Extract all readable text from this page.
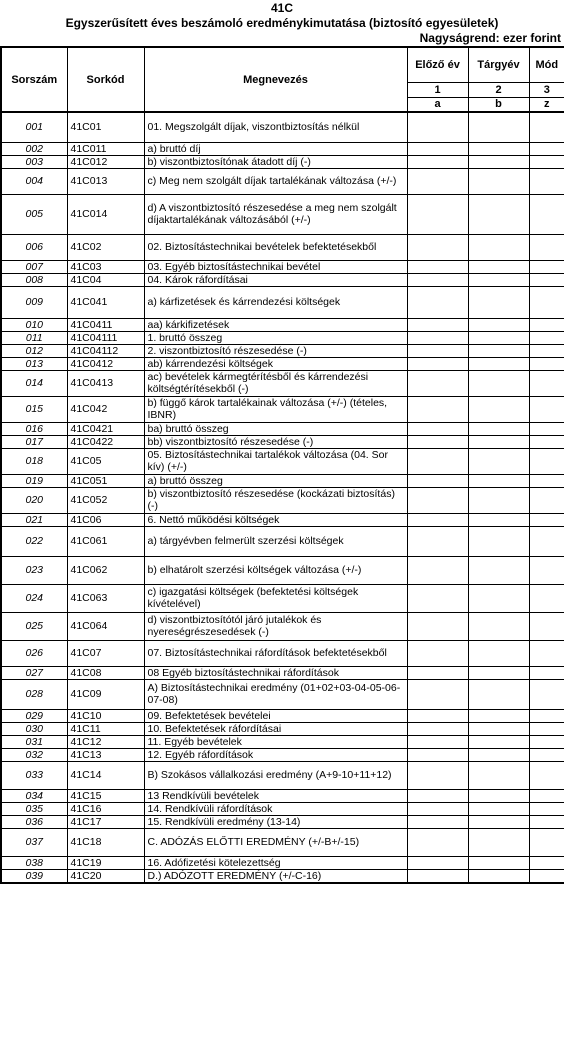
41C
Egyszerűsített éves beszámoló eredménykimutatása (biztosító egyesületek)
Nagyságrend: ezer forint
Sorszám	Sorkód	Megnevezés	Előző év	Tárgyév	Mód
			1	2	3
			a	b	z
001	41C01	01. Megszolgált díjak, viszontbiztosítás nélkül			
002	41C011	a) bruttó díj			
003	41C012	b) viszontbiztosítónak átadott díj (-)			
004	41C013	c) Meg nem szolgált díjak tartalékának változása (+/-)			
005	41C014	d) A viszontbiztosító részesedése a meg nem szolgált díjaktartalékának változásából (+/-)			
006	41C02	02. Biztosítástechnikai bevételek befektetésekből			
007	41C03	03. Egyéb biztosítástechnikai bevétel			
008	41C04	04. Károk ráfordításai			
009	41C041	a) kárfizetések és kárrendezési költségek			
010	41C0411	aa) kárkifizetések			
011	41C04111	1. bruttó összeg			
012	41C04112	2. viszontbiztosító részesedése (-)			
013	41C0412	ab) kárrendezési költségek			
014	41C0413	ac) bevételek kármegtérítésből és kárrendezési költségtérítésekből (-)			
015	41C042	b) függő károk tartalékainak változása (+/-) (tételes, IBNR)			
016	41C0421	ba) bruttó összeg			
017	41C0422	bb) viszontbiztosító részesedése (-)			
018	41C05	05. Biztosítástechnikai tartalékok változása (04. Sor kív) (+/-)			
019	41C051	a) bruttó összeg			
020	41C052	b) viszontbiztosító részesedése (kockázati biztosítás) (-)			
021	41C06	6. Nettó működési költségek			
022	41C061	a) tárgyévben felmerült szerzési költségek			
023	41C062	b) elhatárolt szerzési költségek változása (+/-)			
024	41C063	c) igazgatási költségek (befektetési költségek kívételével)			
025	41C064	d) viszontbiztosítótól járó jutalékok és nyereségrészesedések (-)			
026	41C07	07. Biztosítástechnikai ráfordítások befektetésekből			
027	41C08	08 Egyéb biztosítástechnikai ráfordítások			
028	41C09	A) Biztosítástechnikai eredmény (01+02+03-04-05-06-07-08)			
029	41C10	09. Befektetések bevételei			
030	41C11	10. Befektetések ráfordításai			
031	41C12	11. Egyéb bevételek			
032	41C13	12. Egyéb ráfordítások			
033	41C14	B) Szokásos vállalkozási eredmény (A+9-10+11+12)			
034	41C15	13 Rendkívüli bevételek			
035	41C16	14. Rendkívüli ráfordítások			
036	41C17	15. Rendkívüli eredmény (13-14)			
037	41C18	C. ADÓZÁS ELŐTTI EREDMÉNY (+/-B+/-15)			
038	41C19	16. Adófizetési kötelezettség			
039	41C20	D.) ADÓZOTT EREDMÉNY (+/-C-16)			
